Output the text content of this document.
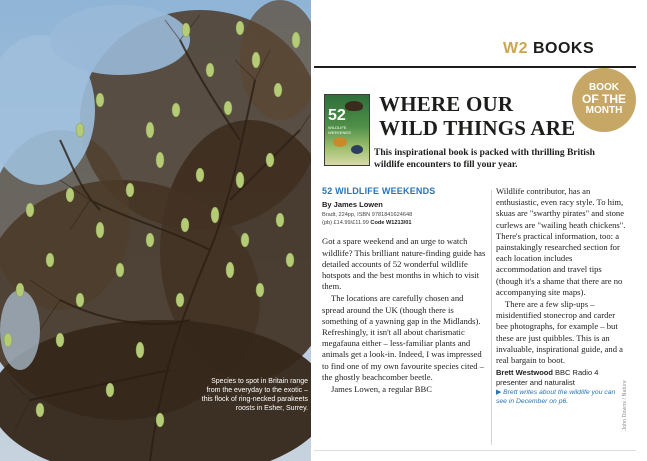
Species to spot in Britain range from the everyday to the exotic – this flock of ring-necked parakeets roosts in Esher, Surrey.	John Downs / Nature
W2 BOOKS
BOOK
OF THE
MONTH
52
WILDLIFE WEEKENDS
WHERE OUR
WILD THINGS ARE
This inspirational book is packed with thrilling British wildlife encounters to fill your year.
52 WILDLIFE WEEKENDS
By James Lowen
Bradt, 224pp, ISBN 9781841624648
(pb) £14.99/£11.99 Code W1213/01

Got a spare weekend and an urge to watch wildlife? This brilliant nature-finding guide has detailed accounts of 52 wonderful wildlife hotspots and the best months in which to visit them.

The locations are carefully chosen and spread around the UK (though there is something of a yawning gap in the Midlands). Refreshingly, it isn't all about charismatic megafauna either – less-familiar plants and animals get a look-in. Indeed, I was impressed to find one of my own favourite species cited – the ghostly beachcomber beetle.

James Lowen, a regular BBC

Wildlife contributor, has an enthusiastic, even racy style. To him, skuas are "swarthy pirates" and stone curlews are "wailing heath chickens". There's practical information, too: a painstakingly researched section for each location includes accommodation and travel tips (though it's a shame that there are no accompanying site maps).

There are a few slip-ups – misidentified stonecrop and carder bee photographs, for example – but these are just quibbles. This is an invaluable, inspirational guide, and a real bargain to boot.

Brett Westwood BBC Radio 4 presenter and naturalist
▶ Brett writes about the wildlife you can see in December on p6.
